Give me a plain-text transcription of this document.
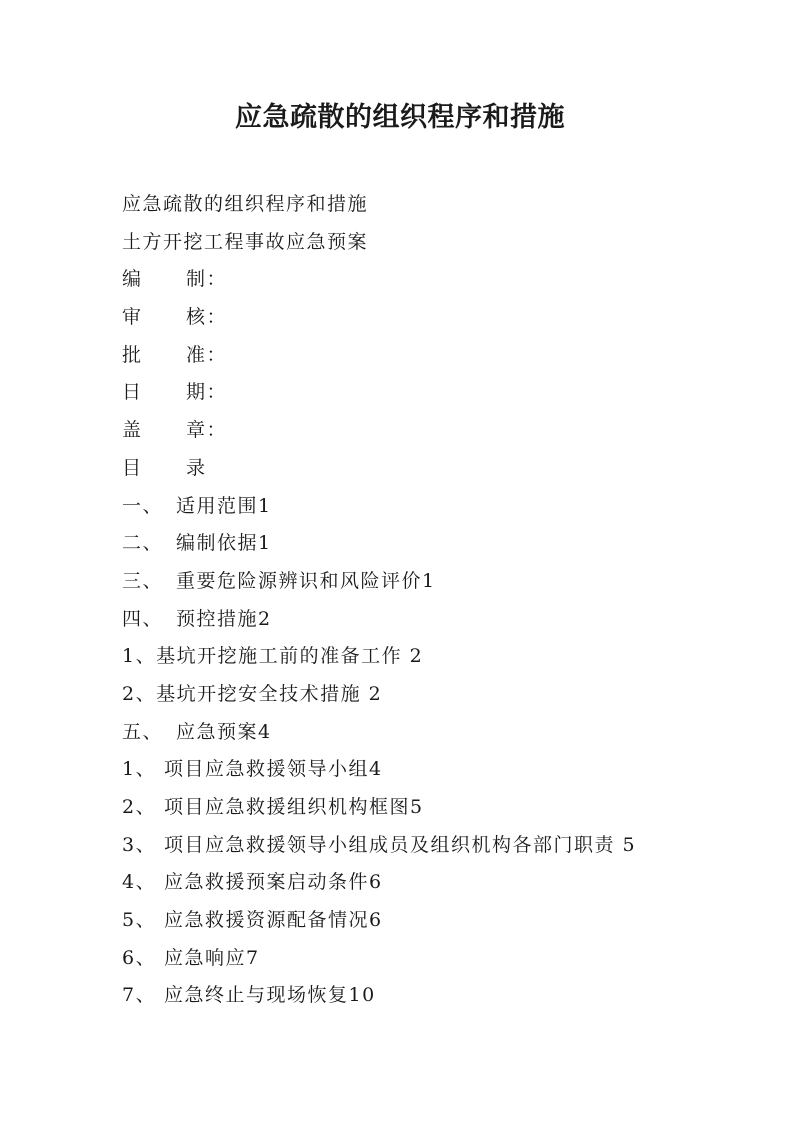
应急疏散的组织程序和措施
应急疏散的组织程序和措施
土方开挖工程事故应急预案
编 制：
审 核：
批 准：
日 期：
盖 章：
目 录
一、 适用范围1
二、 编制依据1
三、 重要危险源辨识和风险评价1
四、 预控措施2
1、基坑开挖施工前的准备工作 2
2、基坑开挖安全技术措施 2
五、 应急预案4
1、 项目应急救援领导小组4
2、 项目应急救援组织机构框图5
3、 项目应急救援领导小组成员及组织机构各部门职责 5
4、 应急救援预案启动条件6
5、 应急救援资源配备情况6
6、 应急响应7
7、 应急终止与现场恢复10
